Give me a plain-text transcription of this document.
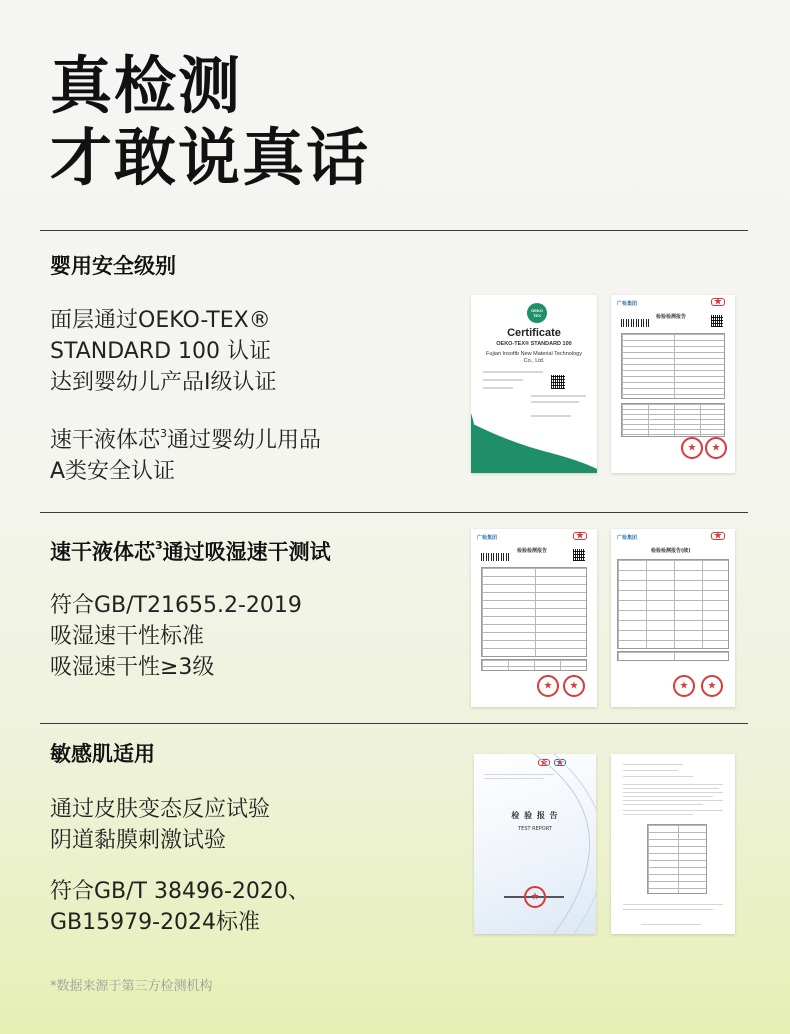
真检测
才敢说真话
婴用安全级别
面层通过OEKO-TEX®
STANDARD 100 认证
达到婴幼儿产品Ⅰ级认证
速干液体芯$^3$通过婴幼儿用品
A类安全认证
OEKO TEX
Certificate
OEKO-TEX® STANDARD 100
Fujian Insoftb New Material Technology Co., Ltd.
广检集团
★
检验检测报告
★
★
速干液体芯$^3$通过吸湿速干测试
符合GB/T21655.2-2019
吸湿速干性标准
吸湿速干性≥3级
广检集团
★
检验检测报告
★
★
广检集团
★
检验检测报告(续)
★
★
敏感肌适用
通过皮肤变态反应试验
阴道黏膜刺激试验
符合GB/T 38496-2020、
GB15979-2024标准
★
★
检 验 报 告
TEST REPORT
★
*数据来源于第三方检测机构
